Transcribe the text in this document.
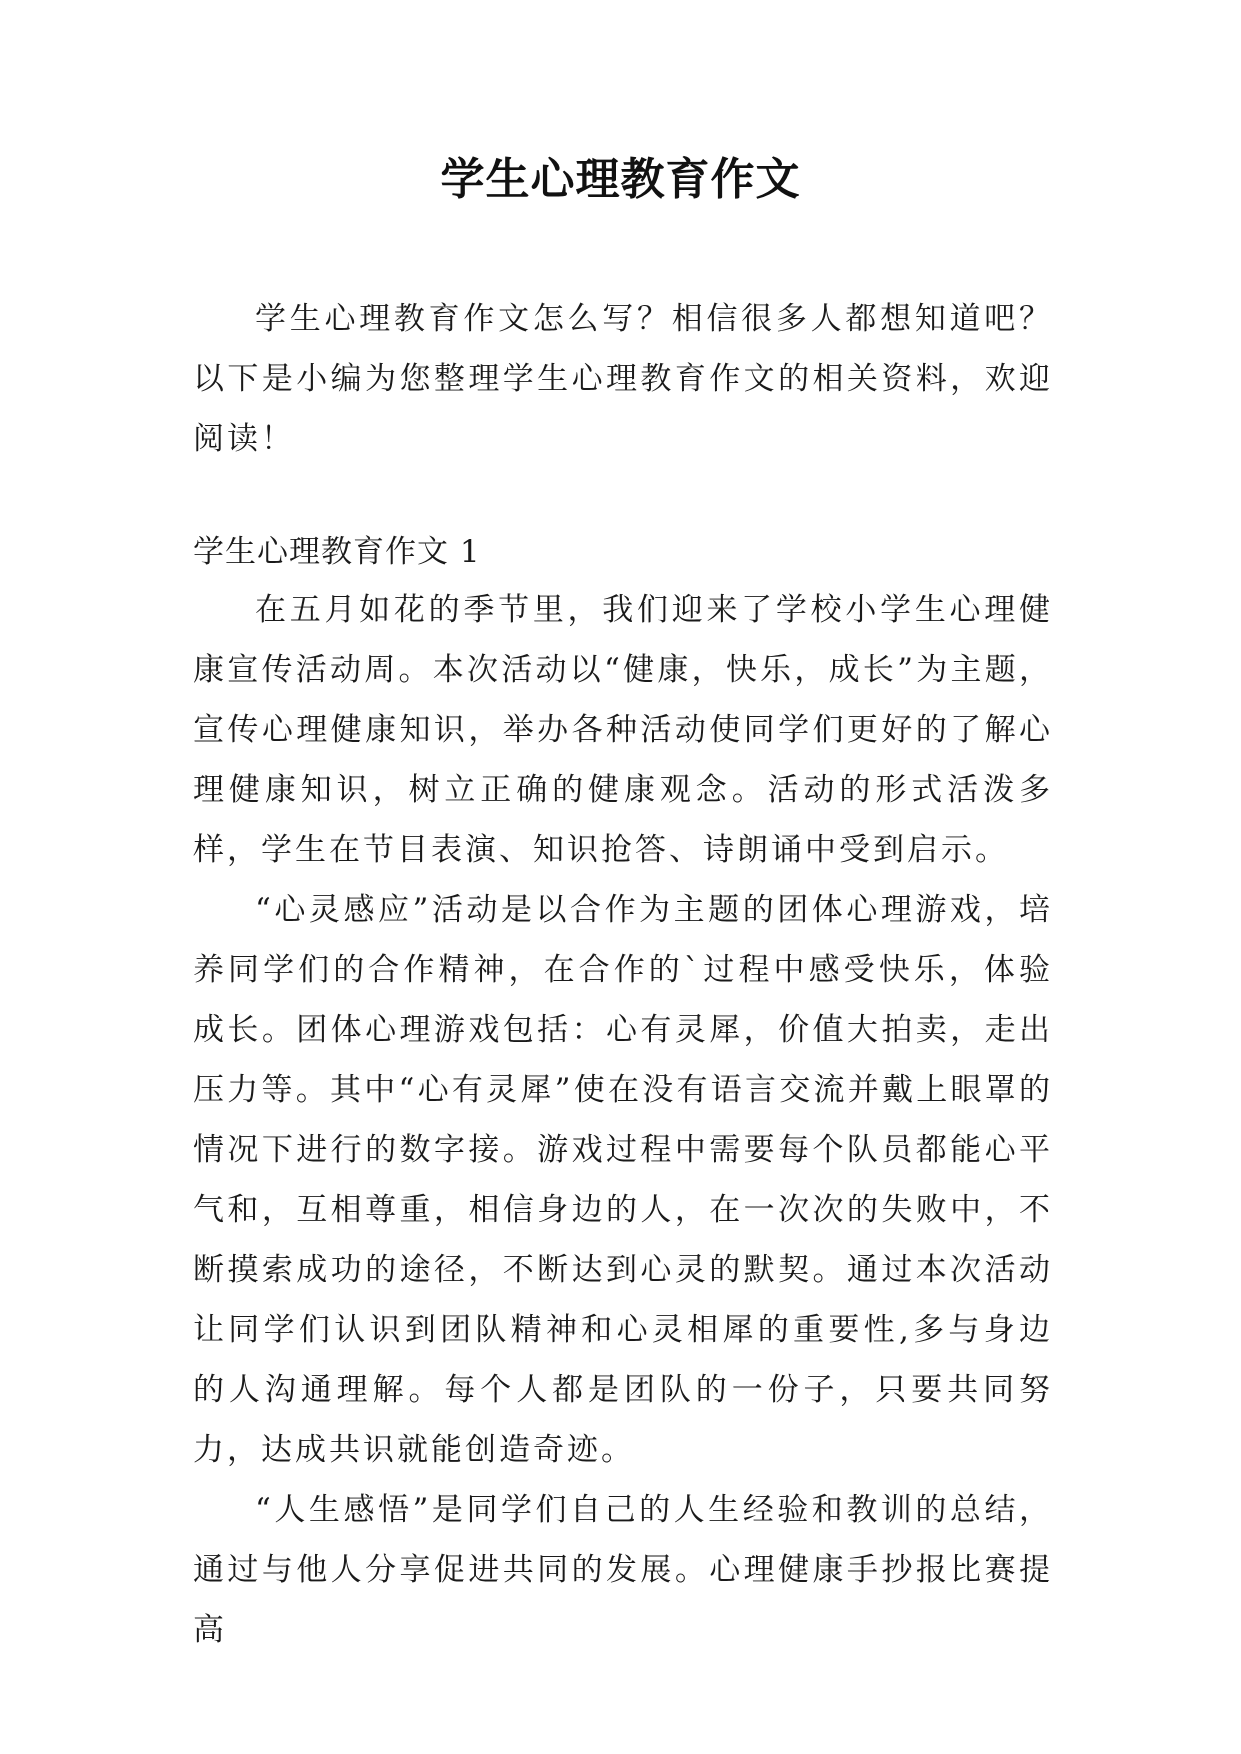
学生心理教育作文

学生心理教育作文怎么写？相信很多人都想知道吧？以下是小编为您整理学生心理教育作文的相关资料，欢迎阅读！

学生心理教育作文 1

在五月如花的季节里，我们迎来了学校小学生心理健康宣传活动周。本次活动以“健康，快乐，成长”为主题，宣传心理健康知识，举办各种活动使同学们更好的了解心理健康知识，树立正确的健康观念。活动的形式活泼多样，学生在节目表演、知识抢答、诗朗诵中受到启示。

“心灵感应”活动是以合作为主题的团体心理游戏，培养同学们的合作精神，在合作的`过程中感受快乐，体验成长。团体心理游戏包括：心有灵犀，价值大拍卖，走出压力等。其中“心有灵犀”使在没有语言交流并戴上眼罩的情况下进行的数字接。游戏过程中需要每个队员都能心平气和，互相尊重，相信身边的人，在一次次的失败中，不断摸索成功的途径，不断达到心灵的默契。通过本次活动让同学们认识到团队精神和心灵相犀的重要性,多与身边的人沟通理解。每个人都是团队的一份子，只要共同努力，达成共识就能创造奇迹。

“人生感悟”是同学们自己的人生经验和教训的总结，通过与他人分享促进共同的发展。心理健康手抄报比赛提高
